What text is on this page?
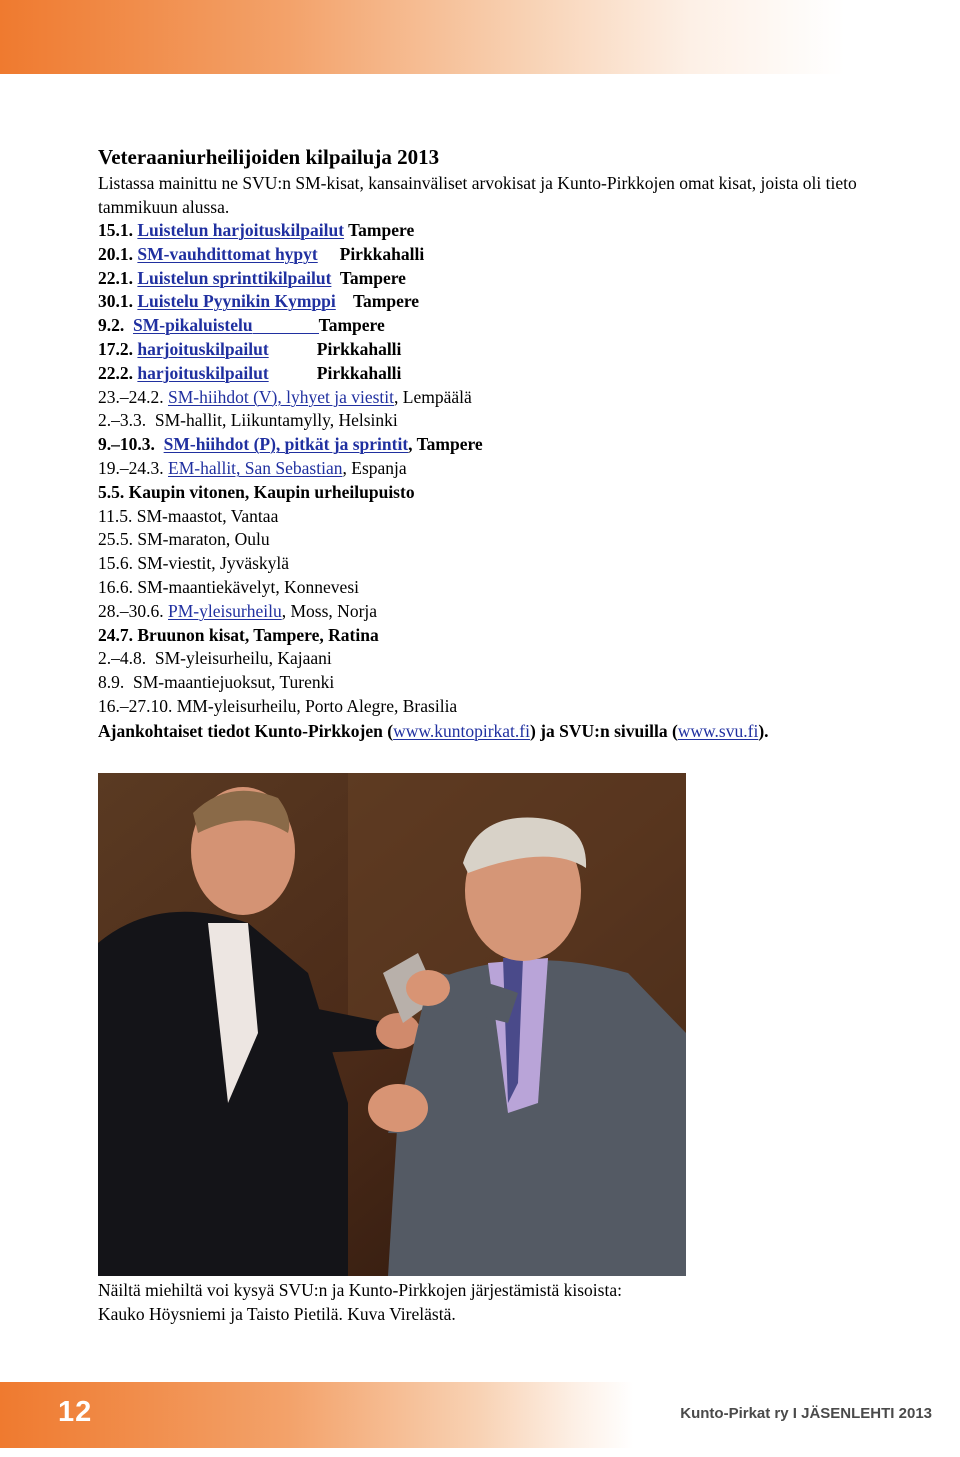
Veteraaniurheilijoiden kilpailuja 2013

Listassa mainittu ne SVU:n SM-kisat, kansainväliset arvokisat ja Kunto-Pirkkojen omat kisat, joista oli tieto tammikuun alussa.

15.1. Luistelun harjoituskilpailut Tampere
20.1. SM-vauhdittomat hypyt     Pirkkahalli
22.1. Luistelun sprinttikilpailut  Tampere
30.1. Luistelu Pyynikin Kymppi    Tampere
9.2.  SM-pikaluistelu	Tampere
17.2. harjoituskilpailut           Pirkkahalli
22.2. harjoituskilpailut           Pirkkahalli
23.–24.2. SM-hiihdot (V), lyhyet ja viestit, Lempäälä
2.–3.3.  SM-hallit, Liikuntamylly, Helsinki
9.–10.3.  SM-hiihdot (P), pitkät ja sprintit, Tampere
19.–24.3. EM-hallit, San Sebastian, Espanja
5.5. Kaupin vitonen, Kaupin urheilupuisto
11.5. SM-maastot, Vantaa
25.5. SM-maraton, Oulu
15.6. SM-viestit, Jyväskylä
16.6. SM-maantiekävelyt, Konnevesi
28.–30.6. PM-yleisurheilu, Moss, Norja
24.7. Bruunon kisat, Tampere, Ratina
2.–4.8.  SM-yleisurheilu, Kajaani
8.9.  SM-maantiejuoksut, Turenki
16.–27.10. MM-yleisurheilu, Porto Alegre, Brasilia

Ajankohtaiset tiedot Kunto-Pirkkojen (www.kuntopirkat.fi) ja SVU:n sivuilla (www.svu.fi).

Näiltä miehiltä voi kysyä SVU:n ja Kunto-Pirkkojen järjestämistä kisoista:
Kauko Höysniemi ja Taisto Pietilä. Kuva Virelästä.
12	Kunto-Pirkat ry I JÄSENLEHTI 2013
